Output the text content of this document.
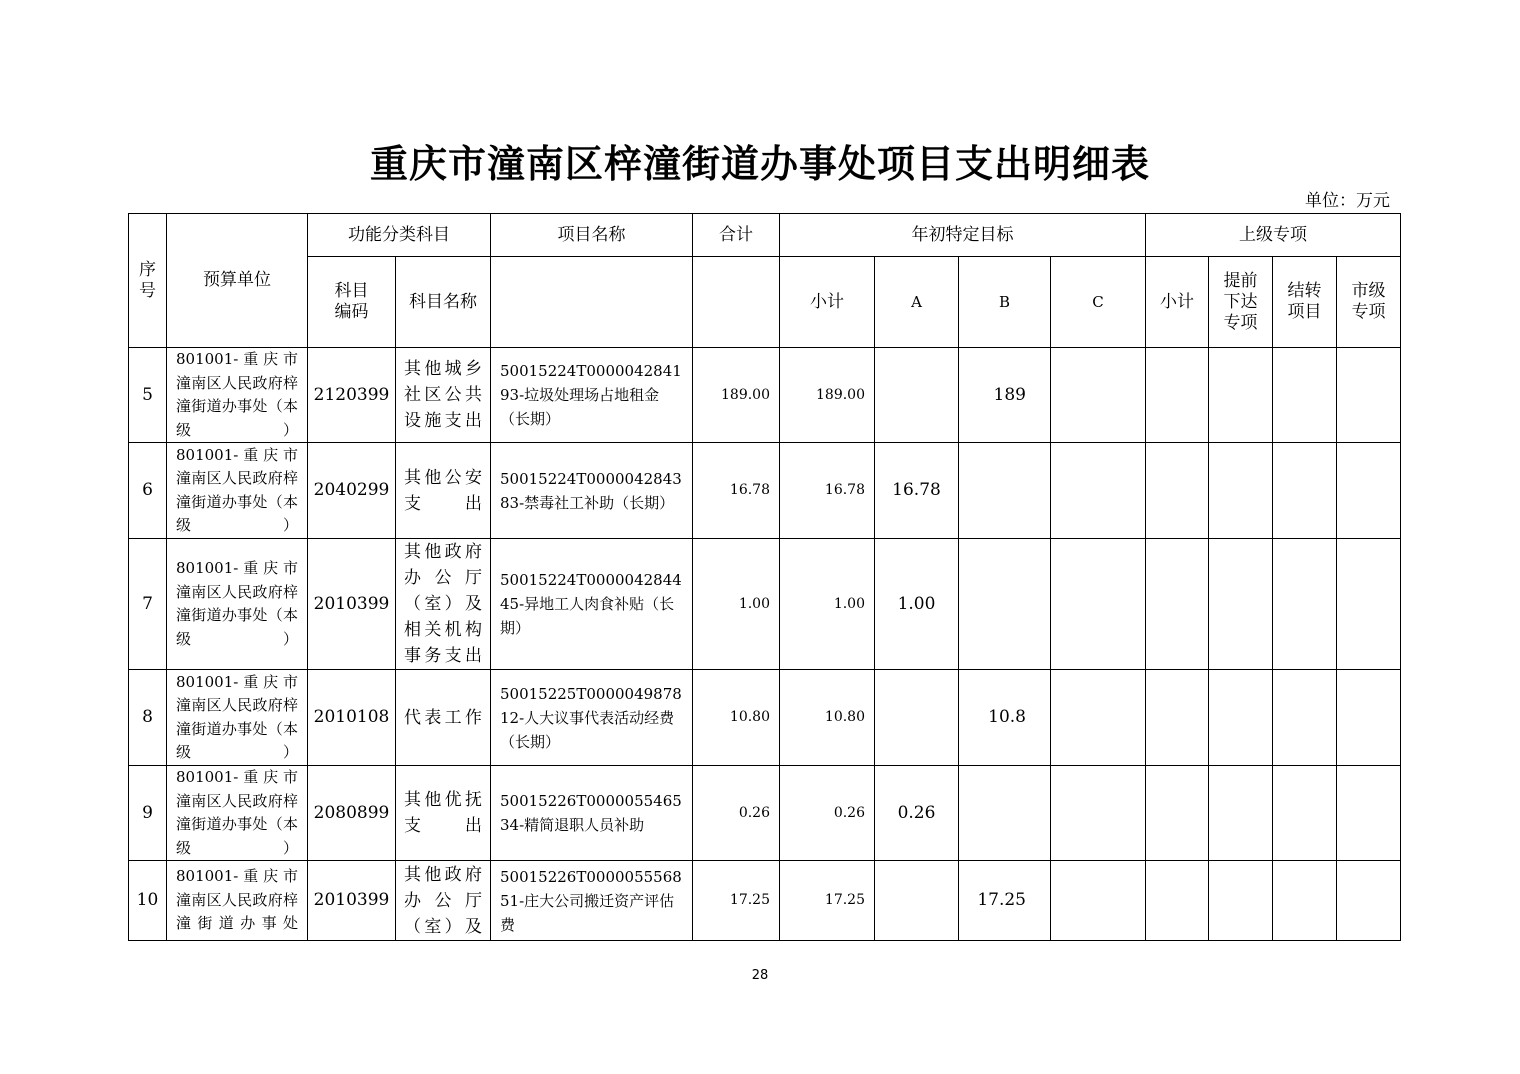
重庆市潼南区梓潼街道办事处项目支出明细表
单位：万元
序号	预算单位	功能分类科目		项目名称	合计	年初特定目标				上级专项			
		科目编码	科目名称			小计	A	B	C	小计	提前下达专项	结转项目	市级专项
5	801001-重庆市潼南区人民政府梓潼街道办事处（本级）	2120399	其他城乡社区公共设施支出	50015224T000004284193-垃圾处理场占地租金（长期）	189.00	189.00		189					
6	801001-重庆市潼南区人民政府梓潼街道办事处（本级）	2040299	其他公安支出	50015224T000004284383-禁毒社工补助（长期）	16.78	16.78	16.78						
7	801001-重庆市潼南区人民政府梓潼街道办事处（本级）	2010399	其他政府办公厅（室）及相关机构事务支出	50015224T000004284445-异地工人肉食补贴（长期）	1.00	1.00	1.00						
8	801001-重庆市潼南区人民政府梓潼街道办事处（本级）	2010108	代表工作	50015225T000004987812-人大议事代表活动经费（长期）	10.80	10.80		10.8					
9	801001-重庆市潼南区人民政府梓潼街道办事处（本级）	2080899	其他优抚支出	50015226T000005546534-精简退职人员补助	0.26	0.26	0.26						
10	801001-重庆市潼南区人民政府梓潼街道办事处	2010399	其他政府办公厅（室）及	50015226T000005556851-庄大公司搬迁资产评估费	17.25	17.25		17.25					
28
